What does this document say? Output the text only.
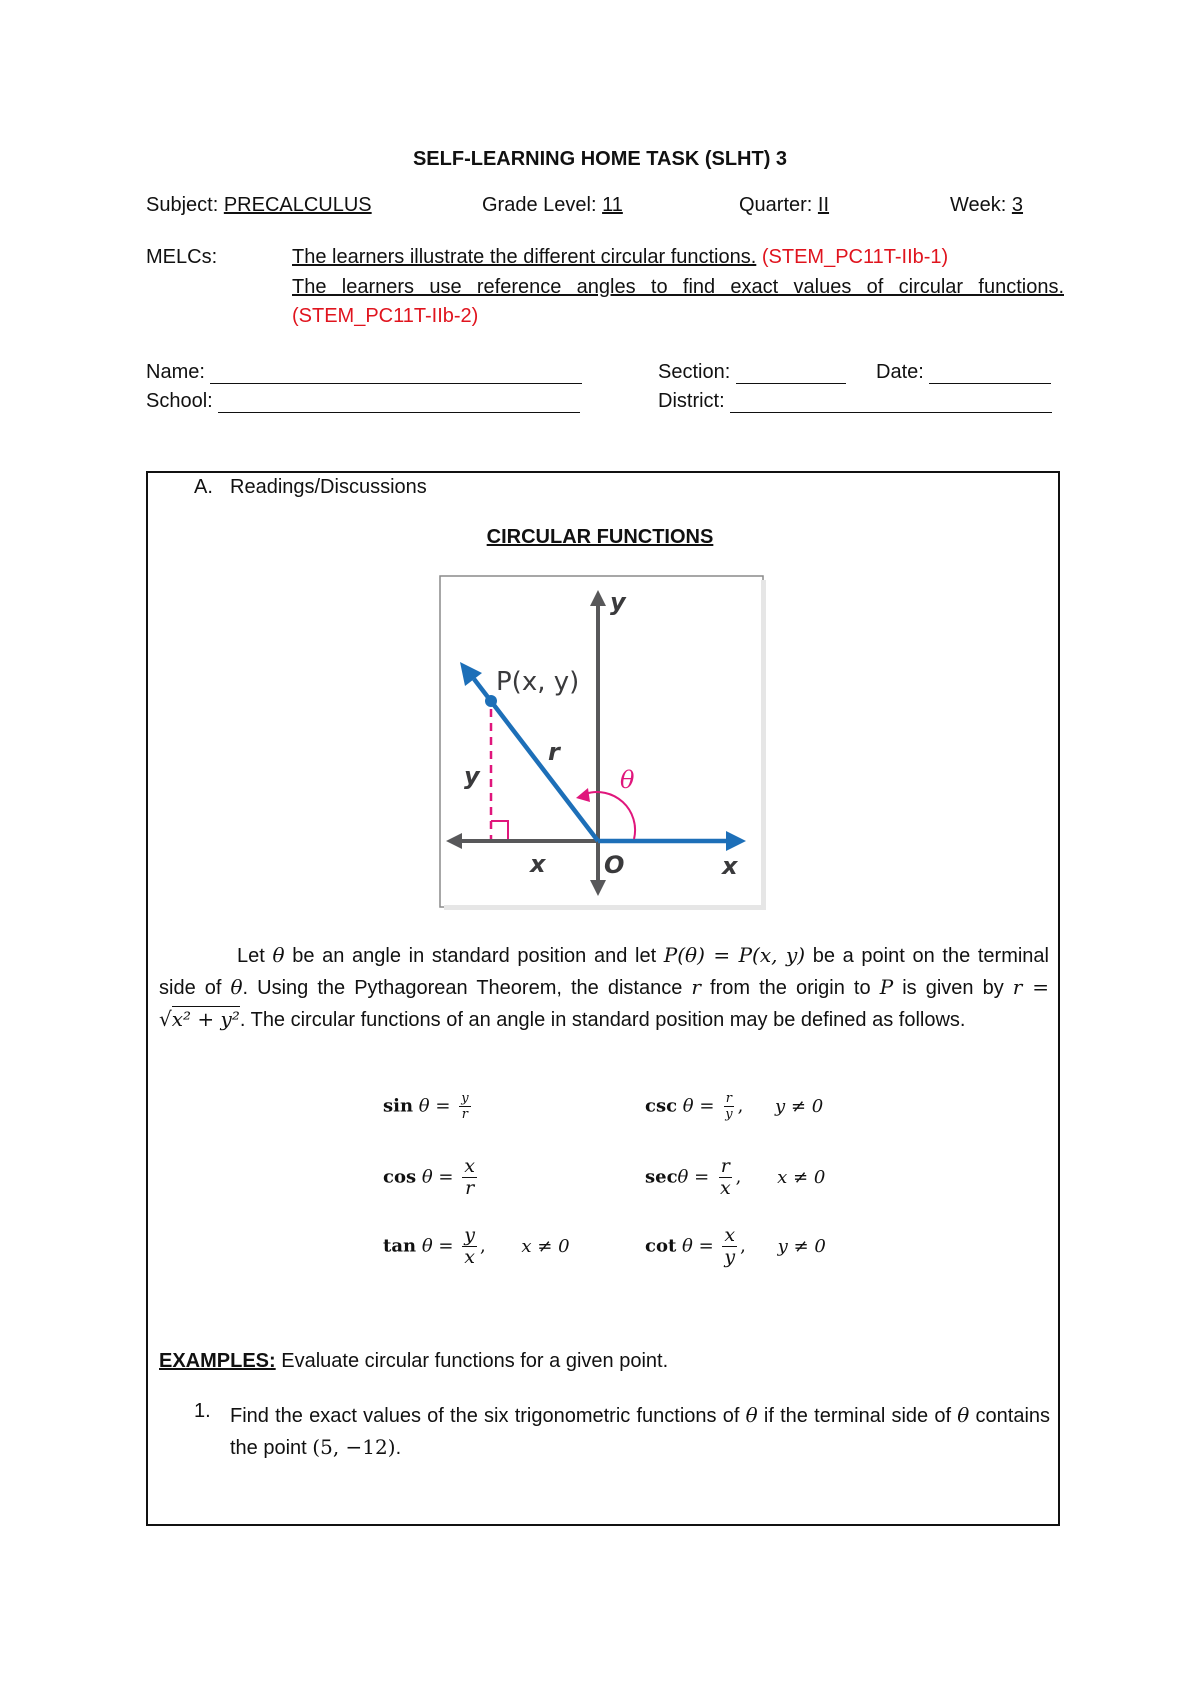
SELF-LEARNING HOME TASK (SLHT) 3
Subject: PRECALCULUS	Grade Level: 11	Quarter: II	Week: 3
MELCs:	The learners illustrate the different circular functions. (STEM_PC11T-IIb-1)
The learners use reference angles to find exact values of circular functions.
(STEM_PC11T-IIb-2)
Name:	Section:	Date:
School:	District:
A. Readings/Discussions
CIRCULAR FUNCTIONS
P(x, y)
y
x
O
r
y
x
θ
Let θ be an angle in standard position and let P(θ) = P(x, y) be a point on the terminal side of θ. Using the Pythagorean Theorem, the distance r from the origin to P is given by r = √x² + y². The circular functions of an angle in standard position may be defined as follows.
$\sin \theta = \frac{y}{r}$	$\csc \theta = \frac{r}{y}$ , y ≠ 0
$\cos \theta = \frac{x}{r}$	$\sec\theta = \frac{r}{x}$ , x ≠ 0
$\tan \theta = \frac{y}{x}$ , x ≠ 0	$\cot \theta = \frac{x}{y}$ , y ≠ 0
EXAMPLES: Evaluate circular functions for a given point.
1. Find the exact values of the six trigonometric functions of θ if the terminal side of θ contains the point (5, −12).
